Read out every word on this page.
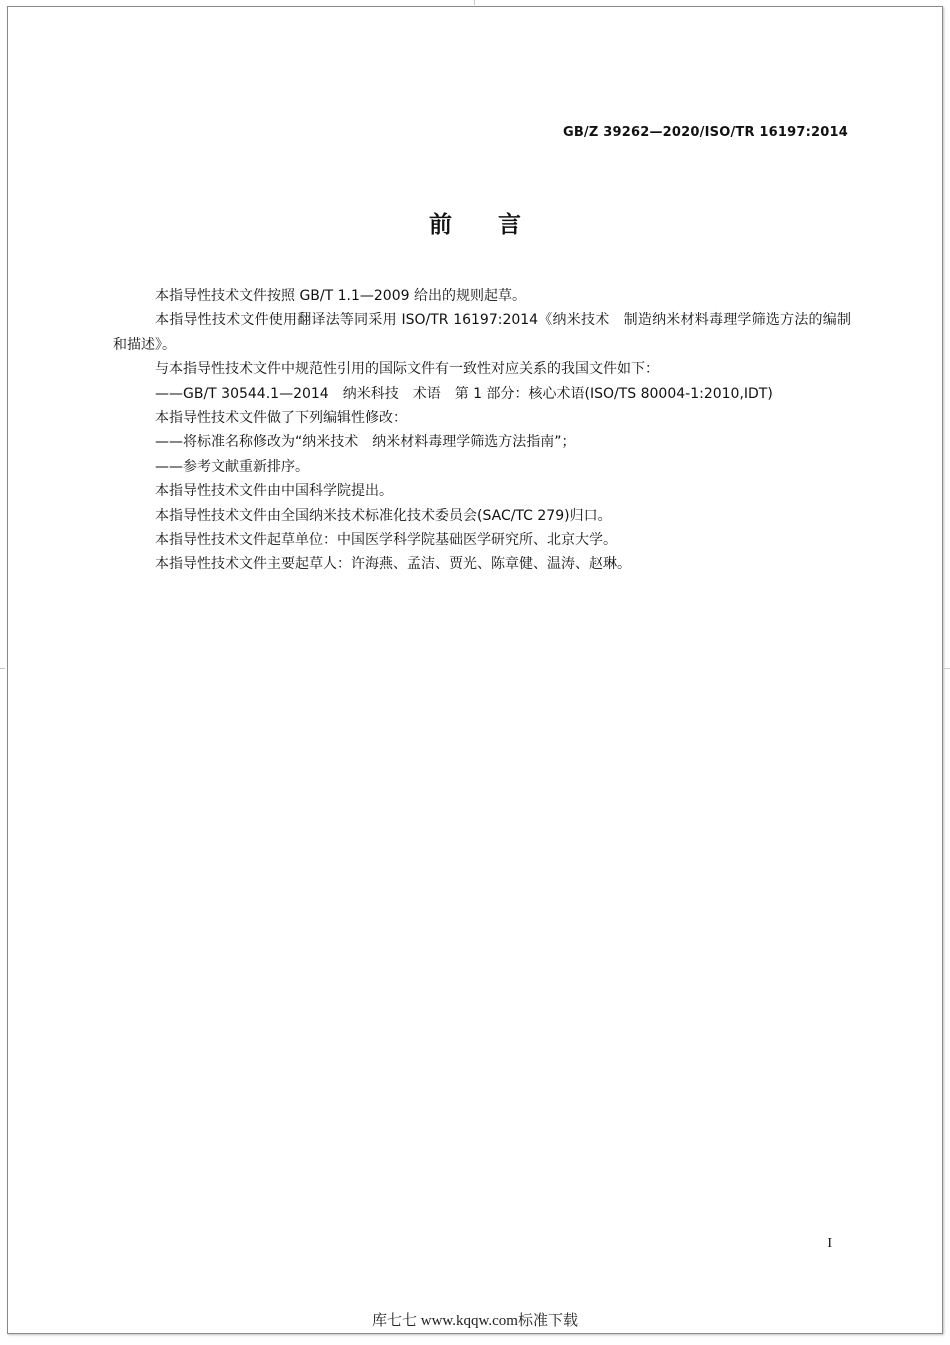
GB/Z 39262—2020/ISO/TR 16197:2014
前言

本指导性技术文件按照 GB/T 1.1—2009 给出的规则起草。

本指导性技术文件使用翻译法等同采用 ISO/TR 16197:2014《纳米技术　制造纳米材料毒理学筛选方法的编制和描述》。

与本指导性技术文件中规范性引用的国际文件有一致性对应关系的我国文件如下：

——GB/T 30544.1—2014　纳米科技　术语　第 1 部分：核心术语(ISO/TS 80004-1:2010,IDT)

本指导性技术文件做了下列编辑性修改：

——将标准名称修改为“纳米技术　纳米材料毒理学筛选方法指南”；

——参考文献重新排序。

本指导性技术文件由中国科学院提出。

本指导性技术文件由全国纳米技术标准化技术委员会(SAC/TC 279)归口。

本指导性技术文件起草单位：中国医学科学院基础医学研究所、北京大学。

本指导性技术文件主要起草人：许海燕、孟洁、贾光、陈章健、温涛、赵琳。

I
库七七 www.kqqw.com标准下载
